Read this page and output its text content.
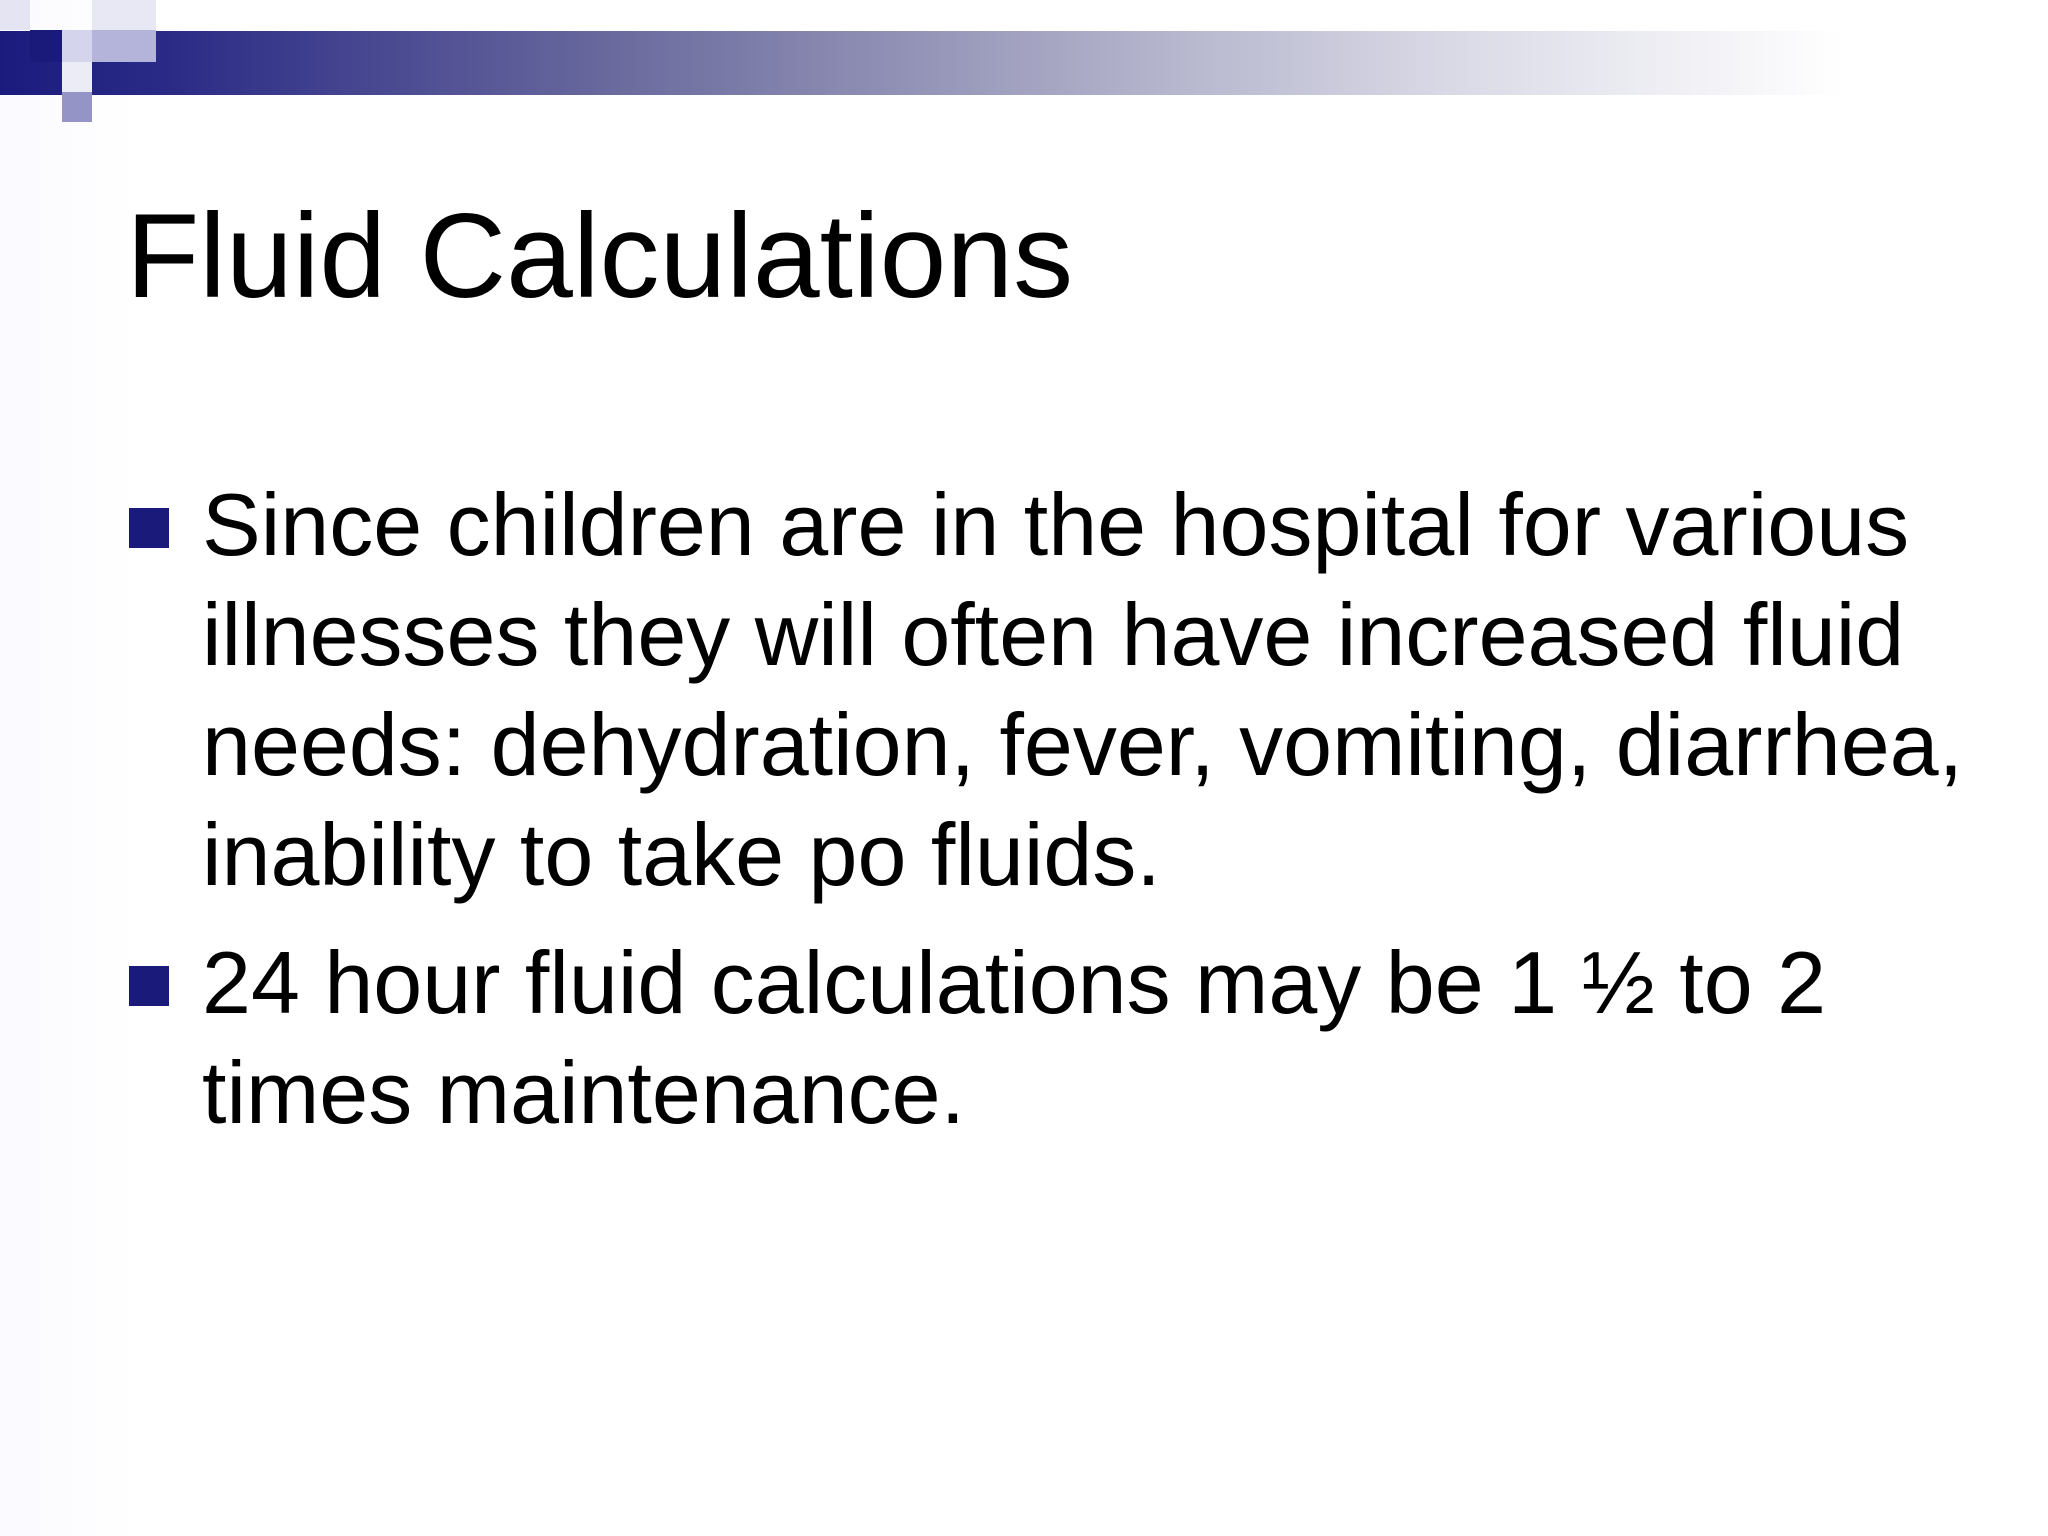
Fluid Calculations
Since children are in the hospital for various illnesses they will often have increased fluid needs: dehydration, fever, vomiting, diarrhea, inability to take po fluids.
24 hour fluid calculations may be 1 ½ to 2 times maintenance.
